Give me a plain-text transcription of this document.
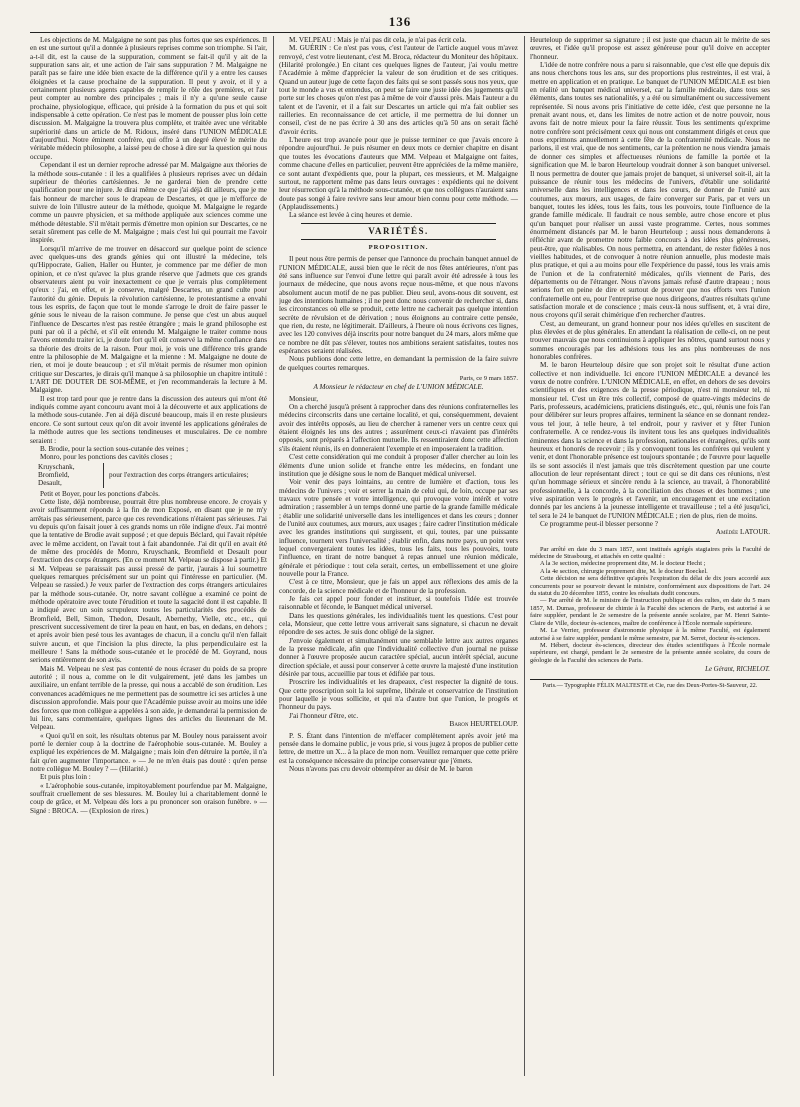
136

Les objections de M. Malgaigne ne sont pas plus fortes que ses expériences. Il en est une surtout qu'il a donnée à plusieurs reprises comme son triomphe. Si l'air, a-t-il dit, est la cause de la suppuration, comment se fait-il qu'il y ait de la suppuration sans air, et une action de l'air sans suppuration ? M. Malgaigne ne paraît pas se faire une idée bien exacte de la différence qu'il y a entre les causes éloignées et la cause prochaine de la suppuration. Il peut y avoir, et il y a certainement plusieurs agents capables de remplir le rôle des premières, et l'air peut compter au nombre des principales ; mais il n'y a qu'une seule cause prochaine, physiologique, efficace, qui préside à la formation du pus et qui soit indispensable à cette opération. Ce n'est pas le moment de pousser plus loin cette discussion. M. Malgaigne la trouvera plus complète, et traitée avec une véritable supériorité dans un article de M. Ridoux, inséré dans l'UNION MÉDICALE d'aujourd'hui. Notre éminent confrère, qui offre à un degré élevé le mérite du véritable médecin philosophe, a laissé peu de chose à dire sur la question qui nous occupe.

Cependant il est un dernier reproche adressé par M. Malgaigne aux théories de la méthode sous-cutanée : il les a qualifiées à plusieurs reprises avec un dédain supérieur de théories cartésiennes. Je ne garderai bien de prendre cette qualification pour une injure. Je dirai même ce que j'ai déjà dit ailleurs, que je me fais honneur de marcher sous le drapeau de Descartes, et que je m'efforce de suivre de loin l'illustre auteur de la méthode, quoique M. Malgaigne le regarde comme un pauvre physicien, et sa méthode appliquée aux sciences comme une méthode détestable. S'il m'était permis d'émettre mon opinion sur Descartes, ce ne serait sûrement pas celle de M. Malgaigne ; mais c'est lui qui pourrait me l'avoir inspirée.

Lorsqu'il m'arrive de me trouver en désaccord sur quelque point de science avec quelques-uns des grands génies qui ont illustré la médecine, tels qu'Hippocrate, Galien, Haller ou Hunter, je commence par me défier de mon opinion, et ce n'est qu'avec la plus grande réserve que j'admets que ces grands observateurs aient pu voir inexactement ce que je verrais plus complètement qu'eux : j'ai, en effet, et je conserve, malgré Descartes, un grand culte pour l'autorité du génie. Depuis la révolution cartésienne, le protestantisme a envahi tous les esprits, de façon que tout le monde s'arroge le droit de faire passer le génie sous le niveau de la raison commune. Je pense que c'est un abus auquel l'influence de Descartes n'est pas restée étrangère ; mais le grand philosophe est puni par où il a péché, et s'il eût entendu M. Malgaigne le traiter comme nous l'avons entendu traiter ici, je doute fort qu'il eût conservé la même confiance dans sa théorie des droits de la raison. Pour moi, je vois une différence très grande entre la philosophie de M. Malgaigne et la mienne : M. Malgaigne ne doute de rien, et moi je doute beaucoup ; et s'il m'était permis de résumer mon opinion critique sur Descartes, je dirais qu'il manque à sa philosophie un chapitre intitulé : L'ART DE DOUTER DE SOI-MÊME, et j'en recommanderais la lecture à M. Malgaigne.

Il est trop tard pour que je rentre dans la discussion des auteurs qui m'ont été indiqués comme ayant concouru avant moi à la découverte et aux applications de la méthode sous-cutanée. J'en ai déjà discuté beaucoup, mais il en reste plusieurs encore. Ce sont surtout ceux qu'on dit avoir inventé les applications générales de la méthode autres que les sections tendineuses et musculaires. De ce nombre seraient :

B. Brodie, pour la section sous-cutanée des veines ;

Monro, pour les ponctions des cavités closes ;

Kruyschank,
Bromfield,
Desault,
pour l'extraction des corps étrangers articulaires;

Petit et Boyer, pour les ponctions d'abcès.

Cette liste, déjà nombreuse, pourrait être plus nombreuse encore. Je croyais y avoir suffisamment répondu à la fin de mon Exposé, en disant que je ne m'y arrêtais pas sérieusement, parce que ces revendications n'étaient pas sérieuses. J'ai vu depuis qu'on faisait jouer à ces grands noms un rôle indigne d'eux. J'ai montré que la tentative de Brodie avait supposé ; et que depuis Béclard, qui l'avait répétée avec le même accident, on l'avait tout à fait abandonnée. J'ai dit qu'il en avait été de même des procédés de Monro, Kruyschank, Bromfield et Desault pour l'extraction des corps étrangers. (En ce moment M. Velpeau se dispose à partir.) Et si M. Velpeau se paraissait pas aussi pressé de partir, j'aurais à lui soumettre quelques remarques précisément sur un point qui l'intéresse en particulier. (M. Velpeau se rassied.) Je veux parler de l'extraction des corps étrangers articulaires par la méthode sous-cutanée. Or, notre savant collègue a examiné ce point de méthode opératoire avec toute l'érudition et toute la sagacité dont il est capable. Il a indiqué avec un soin scrupuleux toutes les particularités des procédés de Bromfield, Bell, Simon, Thedon, Desault, Abernethy, Vielle, etc., etc., qui prescrivent successivement de tirer la peau en haut, en bas, en dedans, en dehors ; et après avoir bien pesé tous les avantages de chacun, il a conclu qu'il n'en fallait suivre aucun, et que l'incision la plus directe, la plus perpendiculaire est la meilleure ! Sans la méthode sous-cutanée et le procédé de M. Goyrand, nous serions entièrement de son avis.

Mais M. Velpeau ne s'est pas contenté de nous écraser du poids de sa propre autorité ; il nous a, comme on le dit vulgairement, jeté dans les jambes un auxiliaire, un enfant terrible de la presse, qui nous a accablé de son érudition. Les convenances académiques ne me permettent pas de soumettre ici ses articles à une discussion approfondie. Mais pour que l'Académie puisse avoir au moins une idée des forces que mon collègue a appelées à son aide, je demanderai la permission de lui lire, sans commentaire, quelques lignes des articles du lieutenant de M. Velpeau.

« Quoi qu'il en soit, les résultats obtenus par M. Bouley nous paraissent avoir porté le dernier coup à la doctrine de l'aérophobie sous-cutanée. M. Bouley a expliqué les expériences de M. Malgaigne ; mais loin d'en détruire la portée, il n'a fait qu'en augmenter l'importance. » — Je ne m'en étais pas douté : qu'en pense notre collègue M. Bouley ? — (Hilarité.)

Et puis plus loin :

« L'aérophobie sous-cutanée, impitoyablement pourfendue par M. Malgaigne, souffrait cruellement de ses blessures. M. Bouley lui a charitablement donné le coup de grâce, et M. Velpeau dès lors a pu prononcer son oraison funèbre. » — Signé : BROCA. — (Explosion de rires.)

M. VELPEAU : Mais je n'ai pas dit cela, je n'ai pas écrit cela.

M. GUÉRIN : Ce n'est pas vous, c'est l'auteur de l'article auquel vous m'avez renvoyé, c'est votre lieutenant, c'est M. Broca, rédacteur du Moniteur des hôpitaux. (Hilarité prolongée.) En citant ces quelques lignes de l'auteur, j'ai voulu mettre l'Académie à même d'apprécier la valeur de son érudition et de ses critiques. Quand un auteur juge de cette façon des faits qui se sont passés sous nos yeux, que tout le monde a vus et entendus, on peut se faire une juste idée des jugements qu'il porte sur les choses qu'on n'est pas à même de voir d'aussi près. Mais l'auteur a du talent et de l'avenir, et il a fait sur Descartes un article qui m'a fait oublier ses railleries. En reconnaissance de cet article, il me permettra de lui donner un conseil, c'est de ne pas écrire à 30 ans des articles qu'à 50 ans on serait fâché d'avoir écrits.

L'heure est trop avancée pour que je puisse terminer ce que j'avais encore à répondre aujourd'hui. Je puis résumer en deux mots ce dernier chapitre en disant que toutes les évocations d'auteurs que MM. Velpeau et Malgaigne ont faites, comme chacune d'elles en particulier, peuvent être appréciées de la même manière, ce sont autant d'expédients que, pour la plupart, ces messieurs, et M. Malgaigne surtout, ne rapportent même pas dans leurs ouvrages : expédients qui ne doivent leur résurrection qu'à la méthode sous-cutanée, et que nos collègues n'auraient sans doute pas songé à faire revivre sans leur amour bien connu pour cette méthode. — (Applaudissements.)

La séance est levée à cinq heures et demie.

VARIÉTÉS.
PROPOSITION.

Il peut nous être permis de penser que l'annonce du prochain banquet annuel de l'UNION MÉDICALE, aussi bien que le récit de nos fêtes antérieures, n'ont pas été sans influence sur l'envoi d'une lettre qui paraît avoir été adressée à tous les journaux de médecine, que nous avons reçue nous-même, et que nous n'avons absolument aucun motif de ne pas publier. Dieu seul, avons-nous dit souvent, est juge des intentions humaines ; il ne peut donc nous convenir de rechercher si, dans les circonstances où elle se produit, cette lettre ne cacherait pas quelque intention secrète de révulsion et de dérivation ; nous éloignons au contraire cette pensée, que rien, du reste, ne légitimerait. D'ailleurs, à l'heure où nous écrivons ces lignes, avec les 120 convives déjà inscrits pour notre banquet du 24 mars, alors même que ce nombre ne dût pas s'élever, toutes nos ambitions seraient satisfaites, toutes nos espérances seraient réalisées.

Nous publions donc cette lettre, en demandant la permission de la faire suivre de quelques courtes remarques.

Paris, ce 9 mars 1857.
A Monsieur le rédacteur en chef de L'UNION MÉDICALE.

Monsieur,

On a cherché jusqu'à présent à rapprocher dans des réunions confraternelles les médecins circonscrits dans une certaine localité, et qui, conséquemment, devaient avoir des intérêts opposés, au lieu de chercher à ramener vers un centre ceux qui étaient éloignés les uns des autres ; assurément ceux-ci n'avaient pas d'intérêts opposés, sont préparés à l'affection mutuelle. Ils ressentiraient donc cette affection s'ils étaient réunis, ils en donneraient l'exemple et en imposeraient la tradition.

C'est cette considération qui me conduit à proposer d'aller chercher au loin les éléments d'une union solide et franche entre les médecins, en fondant une institution que je désigne sous le nom de Banquet médical universel.

Voir venir des pays lointains, au centre de lumière et d'action, tous les médecins de l'univers ; voir et serrer la main de celui qui, de loin, occupe par ses travaux votre pensée et votre intelligence, qui provoque votre intérêt et votre admiration ; rassembler à un temps donné une partie de la grande famille médicale ; établir une solidarité universelle dans les intelligences et dans les cœurs ; donner de l'unité aux coutumes, aux mœurs, aux usages ; faire cadrer l'institution médicale avec les grandes institutions qui surgissent, et qui, toutes, par une puissante influence, tournent vers l'universalité ; établir enfin, dans notre pays, un point vers lequel convergeraient toutes les idées, tous les faits, tous les pouvoirs, toute l'influence, en tirant de notre banquet à repas annuel une réunion médicale, générale et périodique : tout cela serait, certes, un embellissement et une gloire nouvelle pour la France.

C'est à ce titre, Monsieur, que je fais un appel aux réflexions des amis de la concorde, de la science médicale et de l'honneur de la profession.

Je fais cet appel pour fonder et instituer, si toutefois l'idée est trouvée raisonnable et féconde, le Banquet médical universel.

Dans les questions générales, les individualités tuent les questions. C'est pour cela, Monsieur, que cette lettre vous arriverait sans signature, si chacun ne devait répondre de ses actes. Je suis donc obligé de la signer.

J'envoie également et simultanément une semblable lettre aux autres organes de la presse médicale, afin que l'individualité collective d'un journal ne puisse donner à l'œuvre proposée aucun caractère spécial, aucun intérêt spécial, aucune direction spéciale, et aussi pour conserver à cette œuvre la majesté d'une institution désirée par tous, accueillie par tous et édifiée par tous.

Proscrire les individualités et les drapeaux, c'est respecter la dignité de tous. Que cette proscription soit la loi suprême, libérale et conservatrice de l'institution pour laquelle je vous sollicite, et qui n'a d'autre but que l'union, le progrès et l'honneur du pays.

J'ai l'honneur d'être, etc.

Baron HEURTELOUP.

P. S. Étant dans l'intention de m'effacer complètement après avoir jeté ma pensée dans le domaine public, je vous prie, si vous jugez à propos de publier cette lettre, de mettre un X... à la place de mon nom. Veuillez remarquer que cette prière est la conséquence nécessaire du principe conservateur que j'émets.

Nous n'avons pas cru devoir obtempérer au désir de M. le baron

Heurteloup de supprimer sa signature ; il est juste que chacun ait le mérite de ses œuvres, et l'idée qu'il propose est assez généreuse pour qu'il doive en accepter l'honneur.

L'idée de notre confrère nous a paru si raisonnable, que c'est elle que depuis dix ans nous cherchons tous les ans, sur des proportions plus restreintes, il est vrai, à mettre en application et en pratique. Le banquet de l'UNION MÉDICALE est bien en réalité un banquet médical universel, car la famille médicale, dans tous ses éléments, dans toutes ses nationalités, y a été ou simultanément ou successivement représentée. Si nous avons pris l'initiative de cette idée, c'est que personne ne la prenait avant nous, et, dans les limites de notre action et de notre pouvoir, nous avons fait de notre mieux pour la faire réussir. Tous les sentiments qu'exprime notre confrère sont précisément ceux qui nous ont constamment dirigés et ceux que nous exprimons annuellement à cette fête de la confraternité médicale. Nous ne parlons, il est vrai, que de nos sentiments, car la prétention ne nous viendra jamais de donner ces simples et affectueuses réunions de famille la portée et la signification que M. le baron Heurteloup voudrait donner à son banquet universel. Il nous permettra de douter que jamais projet de banquet, si universel soit-il, ait la puissance de réunir tous les médecins de l'univers, d'établir une solidarité universelle dans les intelligences et dans les cœurs, de donner de l'unité aux coutumes, aux mœurs, aux usages, de faire converger sur Paris, par et vers un banquet, toutes les idées, tous les faits, tous les pouvoirs, toute l'influence de la grande famille médicale. Il faudrait ce nous semble, autre chose encore et plus qu'un banquet pour réaliser un aussi vaste programme. Certes, nous sommes énormément distancés par M. le baron Heurteloup ; aussi nous demanderons à réfléchir avant de promettre notre faible concours à des idées plus généreuses, peut-être, que réalisables. On nous permettra, en attendant, de rester fidèles à nos vieilles habitudes, et de convoquer à notre réunion annuelle, plus modeste mais plus pratique, et qui a au moins pour elle l'expérience du passé, tous les vrais amis de l'union et de la confraternité médicales, qu'ils viennent de Paris, des départements ou de l'étranger. Nous n'avons jamais refusé d'autre drapeau ; nous serions fort en peine de dire et surtout de prouver que nos efforts vers l'union confraternelle ont eu, pour l'entreprise que nous dirigeons, d'autres résultats qu'une satisfaction morale et de conscience ; mais ceux-là nous suffisent, et, à vrai dire, nous croyons qu'il serait chimérique d'en rechercher d'autres.

C'est, au demeurant, un grand honneur pour nos idées qu'elles en suscitent de plus élevées et de plus générales. En attendant la réalisation de celle-ci, on ne peut trouver mauvais que nous continuions à appliquer les nôtres, quand surtout nous y sommes encouragés par les adhésions tous les ans plus nombreuses de nos honorables confrères.

M. le baron Heurteloup désire que son projet soit le résultat d'une action collective et non individuelle. Ici encore l'UNION MÉDICALE a devancé les vœux de notre confrère. L'UNION MÉDICALE, en effet, en dehors de ses devoirs scientifiques et des exigences de la presse périodique, n'est ni monsieur tel, ni monsieur tel. C'est un être très collectif, composé de quatre-vingts médecins de Paris, professeurs, académiciens, praticiens distingués, etc., qui, réunis une fois l'an pour délibérer sur leurs propres affaires, terminent la séance en se donnant rendez-vous tel jour, à telle heure, à tel endroit, pour y raviver et y fêter l'union confraternelle. A ce rendez-vous ils invitent tous les ans quelques individualités éminentes dans la science et dans la profession, nationales et étrangères, qu'ils sont heureux et honorés de recevoir ; ils y convoquent tous les confrères qui veulent y venir, et dont l'honorable présence est toujours spontanée ; de l'œuvre pour laquelle ils se sont associés il n'est jamais que très discrètement question par une courte allocution de leur représentant direct ; tout ce qui se dit dans ces réunions, n'est qu'un hommage sérieux et sincère rendu à la science, au travail, à l'honorabilité professionnelle, à la concorde, à la conciliation des choses et des hommes ; une vive aspiration vers le progrès et l'avenir, un encouragement et une excitation donnés par les anciens à la jeunesse intelligente et travailleuse ; tel a été jusqu'ici, tel sera le 24 le banquet de l'UNION MÉDICALE ; rien de plus, rien de moins.

Ce programme peut-il blesser personne ?

Amédée LATOUR.

Par arrêté en date du 3 mars 1857, sont institués agrégés stagiaires près la Faculté de médecine de Strasbourg, et attachés en cette qualité :

A la 3e section, médecine proprement dite, M. le docteur Hecht ;

A la 4e section, chirurgie proprement dite, M. le docteur Boeckel.

Cette décision ne sera définitive qu'après l'expiration du délai de dix jours accordé aux concurrents pour se pourvoir devant le ministre, conformément aux dispositions de l'art. 24 du statut du 20 décembre 1855, contre les résultats dudit concours.

— Par arrêté de M. le ministre de l'instruction publique et des cultes, en date du 5 mars 1857, M. Dumas, professeur de chimie à la Faculté des sciences de Paris, est autorisé à se faire suppléer, pendant le 2e semestre de la présente année scolaire, par M. Henri Sainte-Claire de Ville, docteur ès-sciences, maître de conférence à l'École normale supérieure.

M. Le Verrier, professeur d'astronomie physique à la même Faculté, est également autorisé à se faire suppléer, pendant le même semestre, par M. Serret, docteur ès-sciences.

M. Hébert, docteur ès-sciences, directeur des études scientifiques à l'École normale supérieure, est chargé, pendant le 2e semestre de la présente année scolaire, du cours de géologie de la Faculté des sciences de Paris.

Le Gérant, RICHELOT.
Paris.— Typographie FÉLIX MALTESTE et Cie, rue des Deux-Portes-St-Sauveur, 22.
